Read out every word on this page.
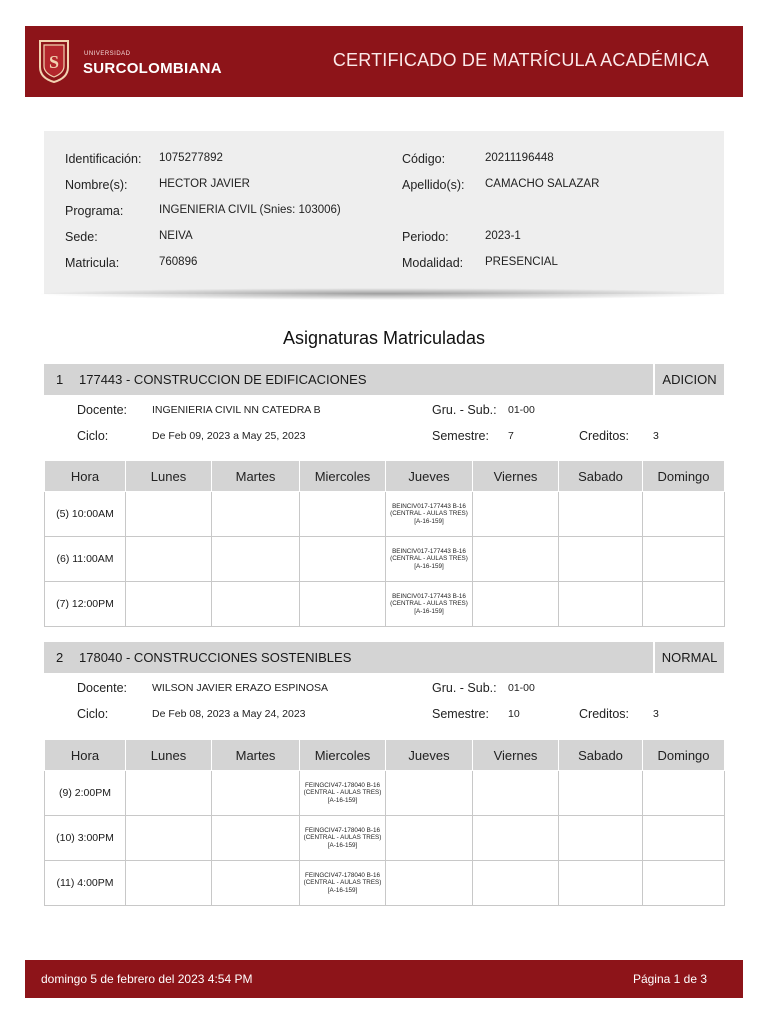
S	UNIVERSIDAD
SURCOLOMBIANA	CERTIFICADO DE MATRÍCULA ACADÉMICA
Identificación: 1075277892	Código:	20211196448
Nombre(s):	HECTOR JAVIER	Apellido(s): CAMACHO SALAZAR
Programa:	INGENIERIA CIVIL (Snies: 103006)
Sede:	NEIVA	Periodo:	2023-1
Matricula:	760896	Modalidad: PRESENCIAL
Asignaturas Matriculadas
1 177443 - CONSTRUCCION DE EDIFICACIONES	ADICION
Docente: INGENIERIA CIVIL NN CATEDRA B	Gru. - Sub.: 01-00
Ciclo:	De Feb 09, 2023 a May 25, 2023	Semestre: 7	Creditos: 3
Hora	Lunes	Martes	Miercoles	Jueves	Viernes	Sabado	Domingo
(5) 10:00AM				BEINCIV017-177443 B-16 (CENTRAL - AULAS TRES) [A-16-159]			

(6) 11:00AM				BEINCIV017-177443 B-16 (CENTRAL - AULAS TRES) [A-16-159]			

(7) 12:00PM				BEINCIV017-177443 B-16 (CENTRAL - AULAS TRES) [A-16-159]			

2 178040 - CONSTRUCCIONES SOSTENIBLES	NORMAL
Docente: WILSON JAVIER ERAZO ESPINOSA	Gru. - Sub.: 01-00
Ciclo:	De Feb 08, 2023 a May 24, 2023	Semestre: 10	Creditos: 3
Hora	Lunes	Martes	Miercoles	Jueves	Viernes	Sabado	Domingo
(9) 2:00PM			FEINGCIV47-178040 B-16 (CENTRAL - AULAS TRES) [A-16-159]				

(10) 3:00PM			FEINGCIV47-178040 B-16 (CENTRAL - AULAS TRES) [A-16-159]				

(11) 4:00PM			FEINGCIV47-178040 B-16 (CENTRAL - AULAS TRES) [A-16-159]				

domingo 5 de febrero del 2023 4:54 PM	Página 1 de 3
